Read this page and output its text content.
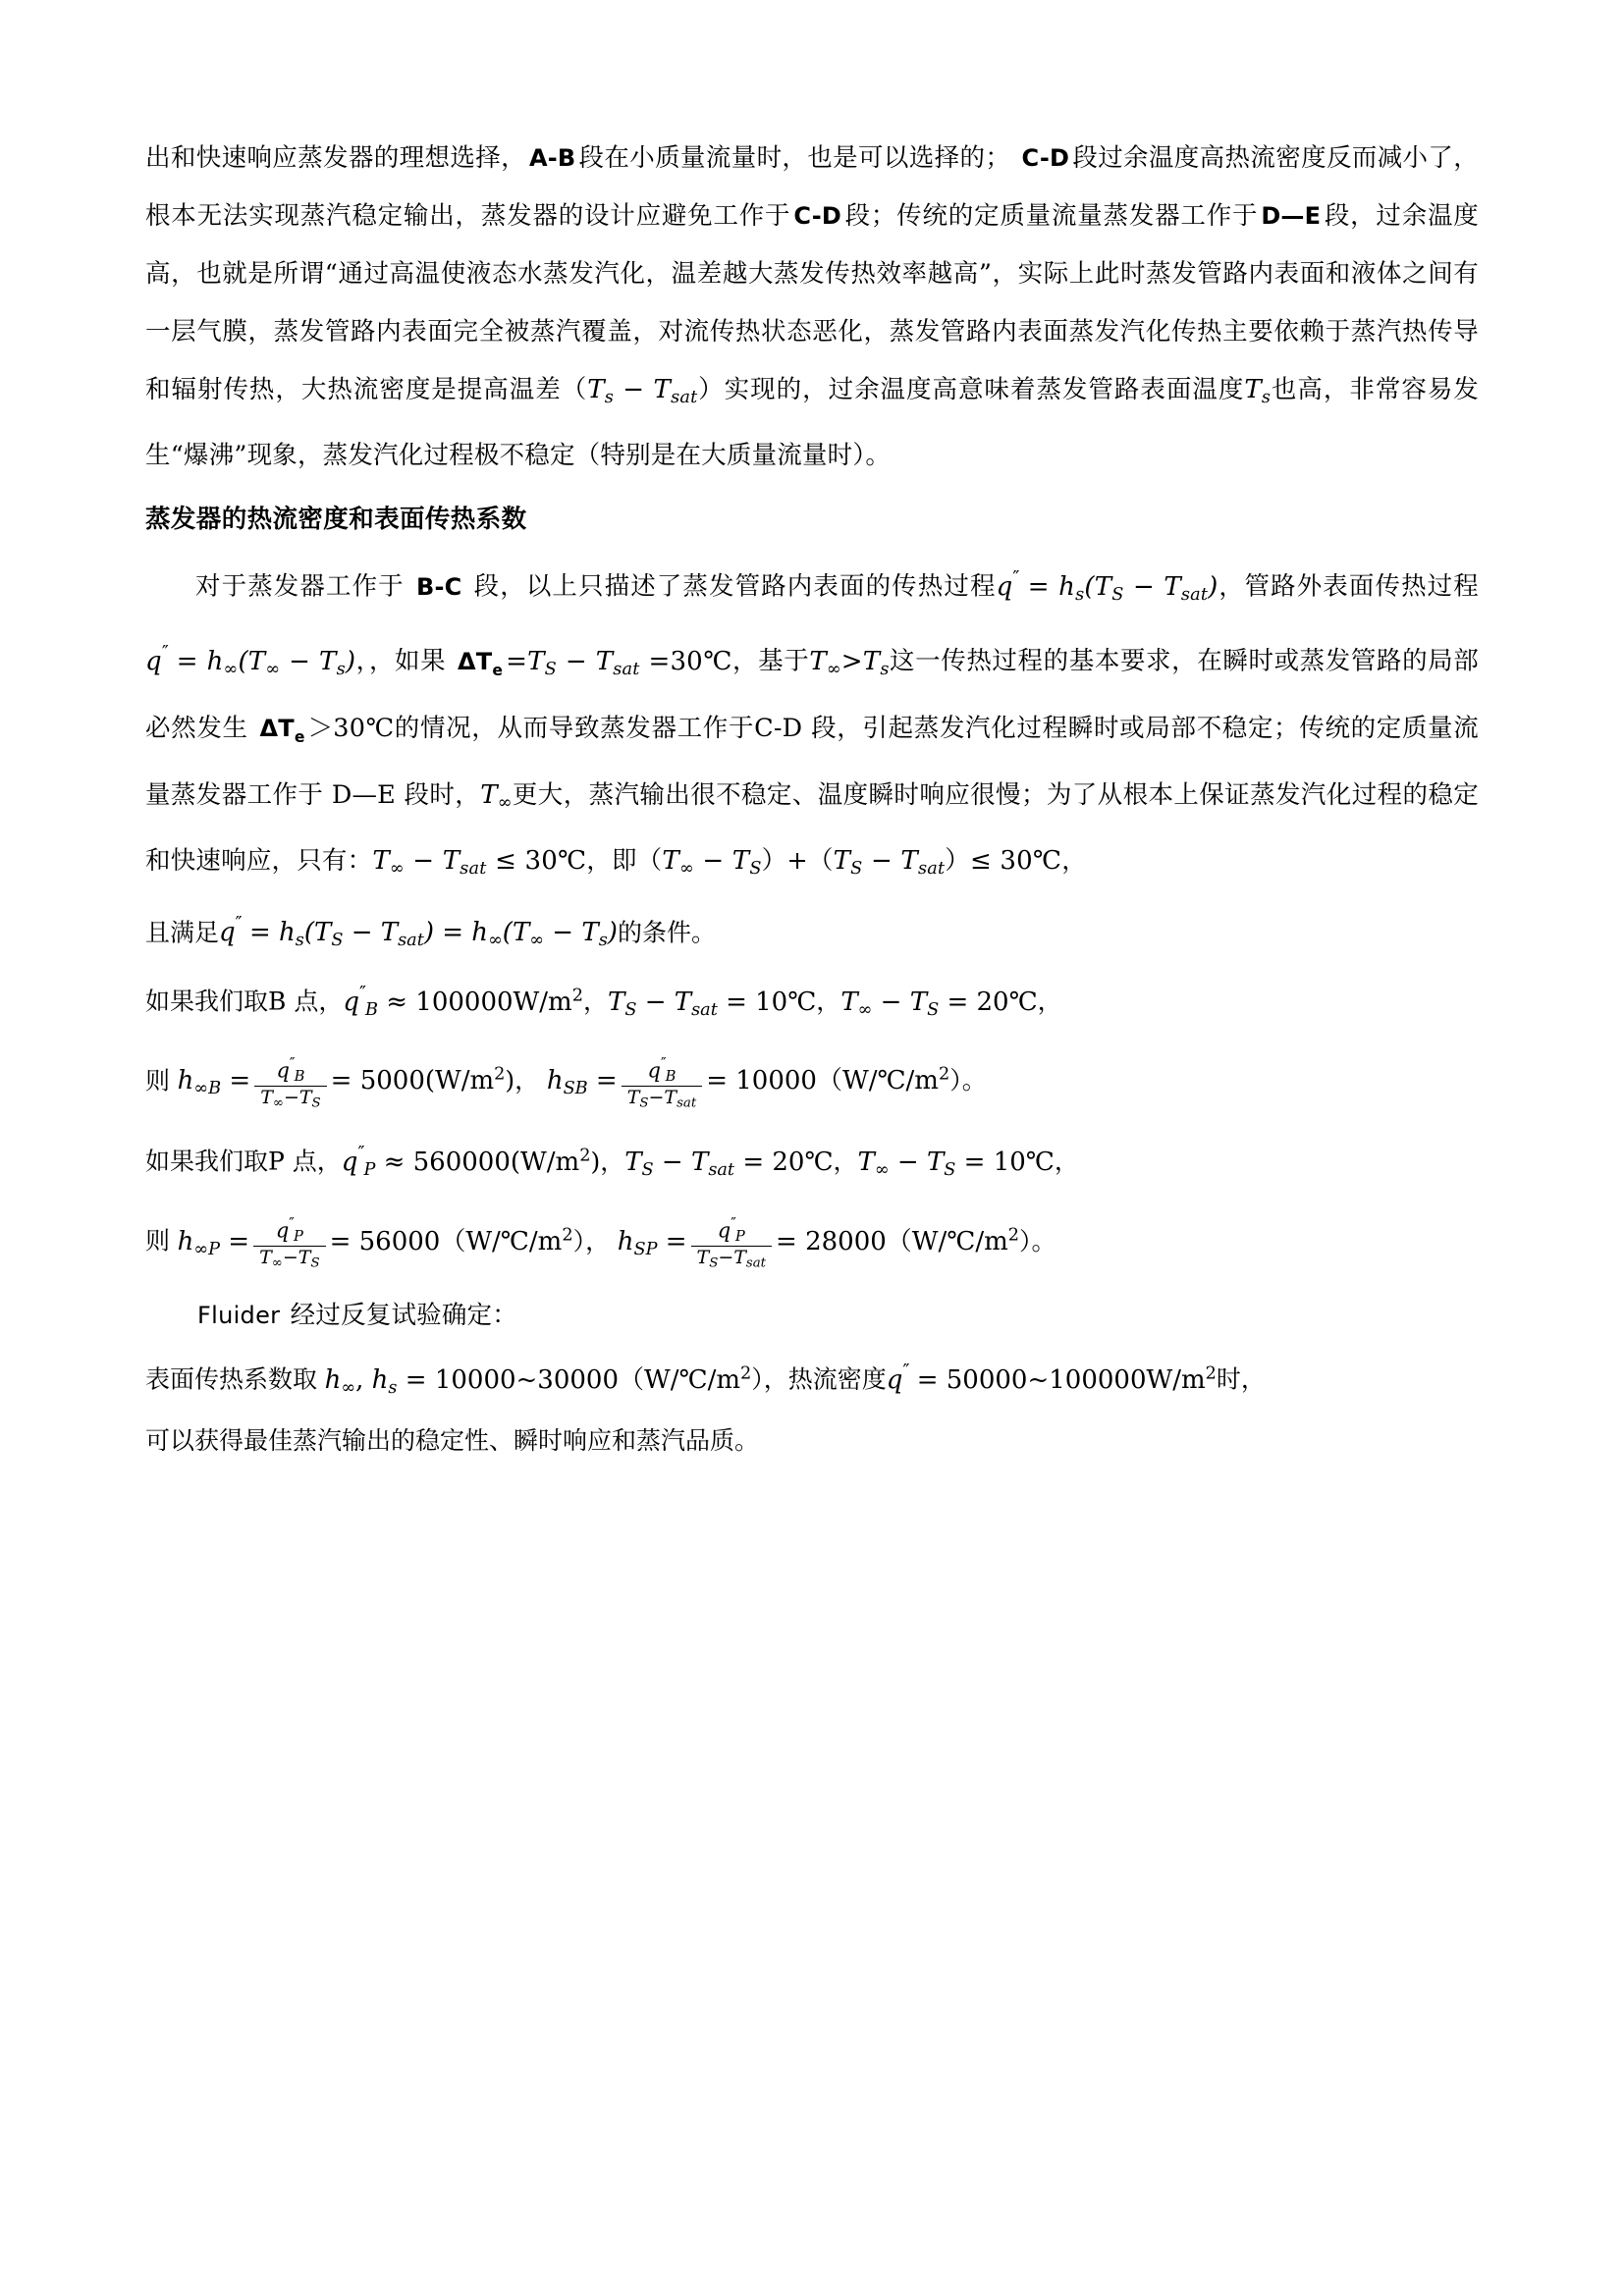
出和快速响应蒸发器的理想选择， A-B 段在小质量流量时，也是可以选择的； C-D 段过余温度高热流密度反而减小了，根本无法实现蒸汽稳定输出，蒸发器的设计应避免工作于 C-D 段；传统的定质量流量蒸发器工作于 D—E 段，过余温度高，也就是所谓“通过高温使液态水蒸发汽化，温差越大蒸发传热效率越高”，实际上此时蒸发管路内表面和液体之间有一层气膜，蒸发管路内表面完全被蒸汽覆盖，对流传热状态恶化，蒸发管路内表面蒸发汽化传热主要依赖于蒸汽热传导和辐射传热，大热流密度是提高温差$(T_s - T_{sat})$实现的，过余温度高意味着蒸发管路表面温度$T_s$也高，非常容易发生“爆沸”现象，蒸发汽化过程极不稳定（特别是在大质量流量时）。

蒸发器的热流密度和表面传热系数

对于蒸发器工作于 B-C 段，以上只描述了蒸发管路内表面的传热过程$q'' = h_s(T_S - T_{sat})$，管路外表面传热过程$q'' = h_\infty(T_\infty - T_s)$，，如果 $\Delta T_e =T_S - T_{sat}$ =30℃，基于$T_\infty>T_s$这一传热过程的基本要求，在瞬时或蒸发管路的局部必然发生 $\Delta T_e$ ＞30℃的情况，从而导致蒸发器工作于C-D 段，引起蒸发汽化过程瞬时或局部不稳定；传统的定质量流量蒸发器工作于 D—E 段时，$T_\infty$更大，蒸汽输出很不稳定、温度瞬时响应很慢；为了从根本上保证蒸发汽化过程的稳定和快速响应，只有：$T_\infty - T_{sat}$ ≤ 30℃，即$(T_\infty - T_S)+(T_S - T_{sat})\le$ 30℃，

且满足$q'' = h_s(T_S - T_{sat}) = h_\infty(T_\infty - T_s)$的条件。

如果我们取B 点，$q''_B \approx 100000W/m^2$，$T_S - T_{sat}$ = 10℃，$T_\infty - T_S$ = 20℃，

则 $h_{\infty B} = \frac{q''_B}{T_\infty-T_S} = 5000(W/m^2)$， $h_{SB} = \frac{q''_B}{T_S-T_{sat}}$ = $10000(W/℃/m^2)$。

如果我们取P 点，$q''_P \approx 560000(W/m^2)$，$T_S - T_{sat}$ = 20℃，$T_\infty - T_S$ = 10℃，

则 $h_{\infty P} = \frac{q''_P}{T_\infty-T_S}$ = $56000(W/℃/m^2)$， $h_{SP} = \frac{q''_P}{T_S-T_{sat}}$ = $28000(W/℃/m^2)$。

Fluider 经过反复试验确定：

表面传热系数取 $h_\infty$, $h_s$ = $10000\sim 30000(W/℃/m^2)$，热流密度$q'' = 50000\sim 100000W/m^2$时，

可以获得最佳蒸汽输出的稳定性、瞬时响应和蒸汽品质。
